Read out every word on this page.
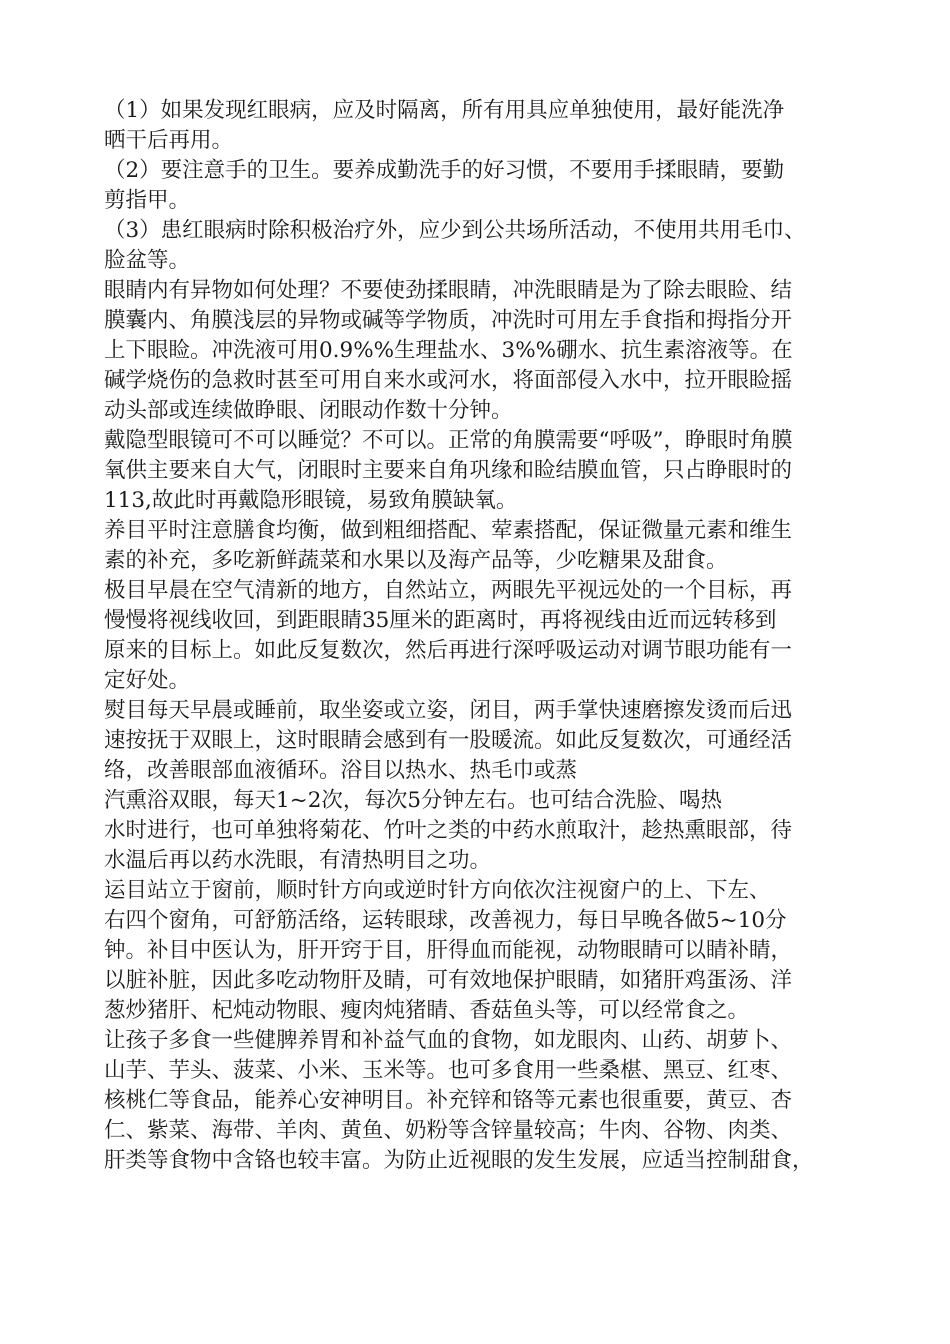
（1）如果发现红眼病，应及时隔离，所有用具应单独使用，最好能洗净
晒干后再用。
（2）要注意手的卫生。要养成勤洗手的好习惯，不要用手揉眼睛，要勤
剪指甲。
（3）患红眼病时除积极治疗外，应少到公共场所活动，不使用共用毛巾、
脸盆等。
眼睛内有异物如何处理？不要使劲揉眼睛，冲洗眼睛是为了除去眼睑、结
膜囊内、角膜浅层的异物或碱等学物质，冲洗时可用左手食指和拇指分开
上下眼睑。冲洗液可用0.9%%生理盐水、3%%硼水、抗生素溶液等。在
碱学烧伤的急救时甚至可用自来水或河水，将面部侵入水中，拉开眼睑摇
动头部或连续做睁眼、闭眼动作数十分钟。
戴隐型眼镜可不可以睡觉？不可以。正常的角膜需要“呼吸”，睁眼时角膜
氧供主要来自大气，闭眼时主要来自角巩缘和睑结膜血管，只占睁眼时的
113,故此时再戴隐形眼镜，易致角膜缺氧。
养目平时注意膳食均衡，做到粗细搭配、荤素搭配，保证微量元素和维生
素的补充，多吃新鲜蔬菜和水果以及海产品等，少吃糖果及甜食。
极目早晨在空气清新的地方，自然站立，两眼先平视远处的一个目标，再
慢慢将视线收回，到距眼睛35厘米的距离时，再将视线由近而远转移到
原来的目标上。如此反复数次，然后再进行深呼吸运动对调节眼功能有一
定好处。
熨目每天早晨或睡前，取坐姿或立姿，闭目，两手掌快速磨擦发烫而后迅
速按抚于双眼上，这时眼睛会感到有一股暖流。如此反复数次，可通经活
络，改善眼部血液循环。浴目以热水、热毛巾或蒸
汽熏浴双眼，每天1~2次，每次5分钟左右。也可结合洗脸、喝热
水时进行，也可单独将菊花、竹叶之类的中药水煎取汁，趁热熏眼部，待
水温后再以药水洗眼，有清热明目之功。
运目站立于窗前，顺时针方向或逆时针方向依次注视窗户的上、下左、
右四个窗角，可舒筋活络，运转眼球，改善视力，每日早晚各做5~10分
钟。补目中医认为，肝开窍于目，肝得血而能视，动物眼睛可以睛补睛，
以脏补脏，因此多吃动物肝及睛，可有效地保护眼睛，如猪肝鸡蛋汤、洋
葱炒猪肝、杞炖动物眼、瘦肉炖猪睛、香菇鱼头等，可以经常食之。
让孩子多食一些健脾养胃和补益气血的食物，如龙眼肉、山药、胡萝卜、
山芋、芋头、菠菜、小米、玉米等。也可多食用一些桑椹、黑豆、红枣、
核桃仁等食品，能养心安神明目。补充锌和铬等元素也很重要，黄豆、杏
仁、紫菜、海带、羊肉、黄鱼、奶粉等含锌量较高；牛肉、谷物、肉类、
肝类等食物中含铬也较丰富。为防止近视眼的发生发展，应适当控制甜食，
